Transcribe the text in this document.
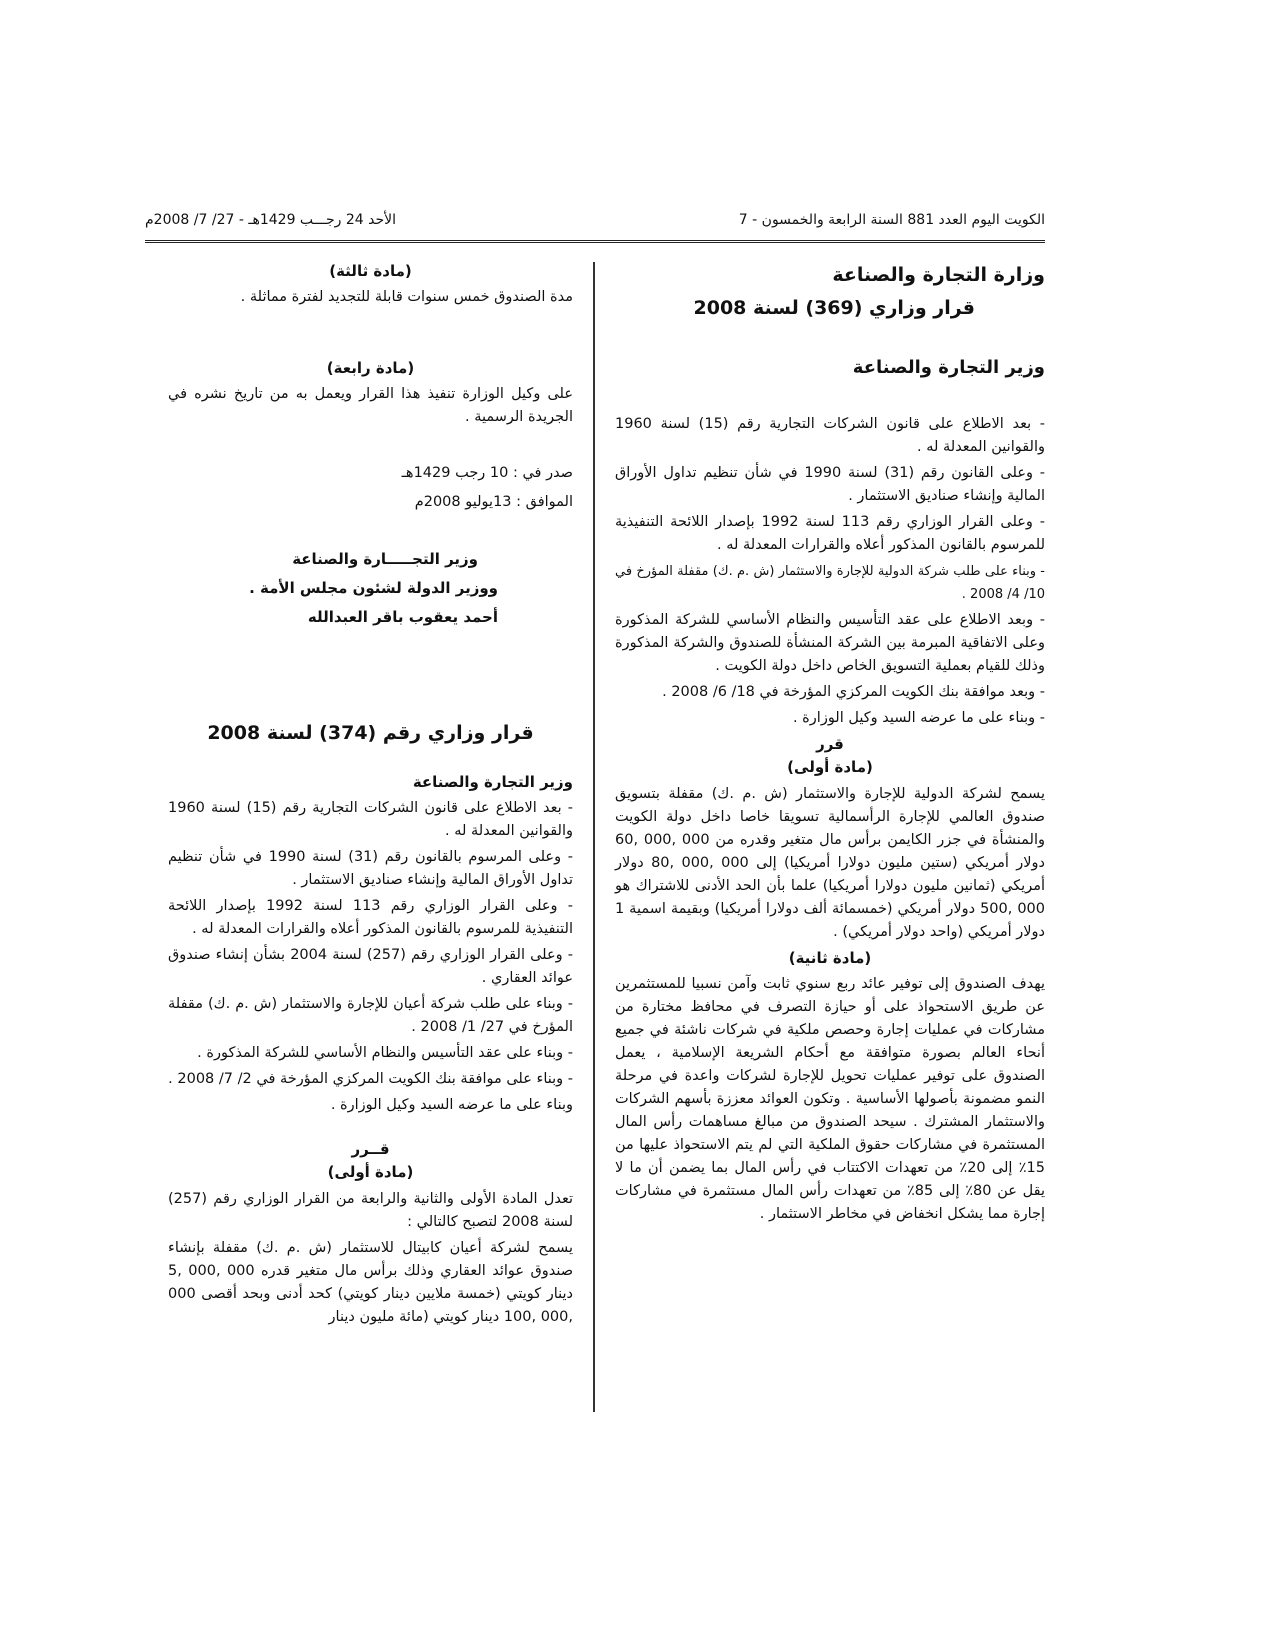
الكويت اليوم العدد 881 السنة الرابعة والخمسون - 7
الأحد 24 رجـــب 1429هـ - 27/ 7/ 2008م

وزارة التجارة والصناعة

قرار وزاري (369) لسنة 2008

وزير التجارة والصناعة

- بعد الاطلاع على قانون الشركات التجارية رقم (15) لسنة 1960 والقوانين المعدلة له .

- وعلى القانون رقم (31) لسنة 1990 في شأن تنظيم تداول الأوراق المالية وإنشاء صناديق الاستثمار .

- وعلى القرار الوزاري رقم 113 لسنة 1992 بإصدار اللائحة التنفيذية للمرسوم بالقانون المذكور أعلاه والقرارات المعدلة له .

- وبناء على طلب شركة الدولية للإجارة والاستثمار (ش .م .ك) مقفلة المؤرخ في 10/ 4/ 2008 .

- وبعد الاطلاع على عقد التأسيس والنظام الأساسي للشركة المذكورة وعلى الاتفاقية المبرمة بين الشركة المنشأة للصندوق والشركة المذكورة وذلك للقيام بعملية التسويق الخاص داخل دولة الكويت .

- وبعد موافقة بنك الكويت المركزي المؤرخة في 18/ 6/ 2008 .

- وبناء على ما عرضه السيد وكيل الوزارة .

قرر

(مادة أولى)

يسمح لشركة الدولية للإجارة والاستثمار (ش .م .ك) مقفلة بتسويق صندوق العالمي للإجارة الرأسمالية تسويقا خاصا داخل دولة الكويت والمنشأة في جزر الكايمن برأس مال متغير وقدره من 000 ,000 ,60 دولار أمريكي (ستين مليون دولارا أمريكيا) إلى 000 ,000 ,80 دولار أمريكي (ثمانين مليون دولارا أمريكيا) علما بأن الحد الأدنى للاشتراك هو 000 ,500 دولار أمريكي (خمسمائة ألف دولارا أمريكيا) وبقيمة اسمية 1 دولار أمريكي (واحد دولار أمريكي) .

(مادة ثانية)

يهدف الصندوق إلى توفير عائد ربع سنوي ثابت وآمن نسبيا للمستثمرين عن طريق الاستحواذ على أو حيازة التصرف في محافظ مختارة من مشاركات في عمليات إجارة وحصص ملكية في شركات ناشئة في جميع أنحاء العالم بصورة متوافقة مع أحكام الشريعة الإسلامية ، يعمل الصندوق على توفير عمليات تحويل للإجارة لشركات واعدة في مرحلة النمو مضمونة بأصولها الأساسية . وتكون العوائد معززة بأسهم الشركات والاستثمار المشترك . سيحد الصندوق من مبالغ مساهمات رأس المال المستثمرة في مشاركات حقوق الملكية التي لم يتم الاستحواذ عليها من 15٪ إلى 20٪ من تعهدات الاكتتاب في رأس المال بما يضمن أن ما لا يقل عن 80٪ إلى 85٪ من تعهدات رأس المال مستثمرة في مشاركات إجارة مما يشكل انخفاض في مخاطر الاستثمار .

(مادة ثالثة)

مدة الصندوق خمس سنوات قابلة للتجديد لفترة مماثلة .

(مادة رابعة)

على وكيل الوزارة تنفيذ هذا القرار ويعمل به من تاريخ نشره في الجريدة الرسمية .

صدر في : 10 رجب 1429هـ

الموافق : 13يوليو 2008م

وزير التجـــــارة والصناعة

ووزير الدولة لشئون مجلس الأمة .

أحمد يعقوب باقر العبدالله

قرار وزاري رقم (374) لسنة 2008

وزير التجارة والصناعة

- بعد الاطلاع على قانون الشركات التجارية رقم (15) لسنة 1960 والقوانين المعدلة له .

- وعلى المرسوم بالقانون رقم (31) لسنة 1990 في شأن تنظيم تداول الأوراق المالية وإنشاء صناديق الاستثمار .

- وعلى القرار الوزاري رقم 113 لسنة 1992 بإصدار اللائحة التنفيذية للمرسوم بالقانون المذكور أعلاه والقرارات المعدلة له .

- وعلى القرار الوزاري رقم (257) لسنة 2004 بشأن إنشاء صندوق عوائد العقاري .

- وبناء على طلب شركة أعيان للإجارة والاستثمار (ش .م .ك) مقفلة المؤرخ في 27/ 1/ 2008 .

- وبناء على عقد التأسيس والنظام الأساسي للشركة المذكورة .

- وبناء على موافقة بنك الكويت المركزي المؤرخة في 2/ 7/ 2008 .

وبناء على ما عرضه السيد وكيل الوزارة .

قــرر

(مادة أولى)

تعدل المادة الأولى والثانية والرابعة من القرار الوزاري رقم (257) لسنة 2008 لتصبح كالتالي :

يسمح لشركة أعيان كابيتال للاستثمار (ش .م .ك) مقفلة بإنشاء صندوق عوائد العقاري وذلك برأس مال متغير قدره 000 ,000 ,5 دينار كويتي (خمسة ملايين دينار كويتي) كحد أدنى وبحد أقصى 000 ,000 ,100 دينار كويتي (مائة مليون دينار
